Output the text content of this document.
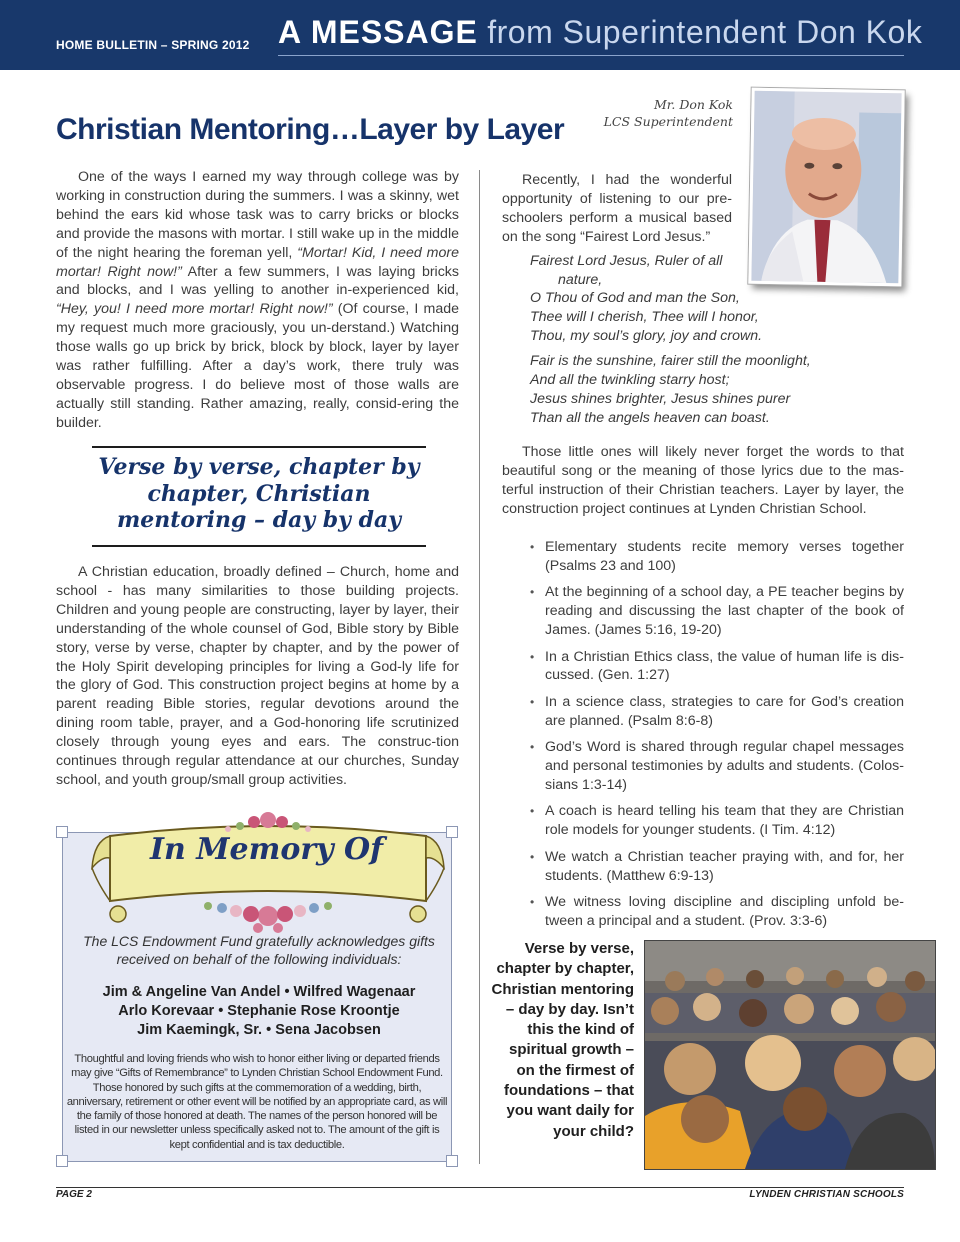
HOME BULLETIN – SPRING 2012 A MESSAGE from Superintendent Don Kok
Christian Mentoring…Layer by Layer

One of the ways I earned my way through college was by working in construction during the summers. I was a skinny, wet behind the ears kid whose task was to carry bricks or blocks and provide the masons with mortar. I still wake up in the middle of the night hearing the foreman yell, “Mortar! Kid, I need more mortar! Right now!” After a few summers, I was laying bricks and blocks, and I was yelling to another in-experienced kid, “Hey, you! I need more mortar! Right now!” (Of course, I made my request much more graciously, you un-derstand.) Watching those walls go up brick by brick, block by block, layer by layer was rather fulfilling. After a day’s work, there truly was observable progress. I do believe most of those walls are actually still standing. Rather amazing, really, consid-ering the builder.

Verse by verse, chapter by chapter, Christian mentoring – day by day

A Christian education, broadly defined – Church, home and school - has many similarities to those building projects. Children and young people are constructing, layer by layer, their understanding of the whole counsel of God, Bible story by Bible story, verse by verse, chapter by chapter, and by the power of the Holy Spirit developing principles for living a God-ly life for the glory of God. This construction project begins at home by a parent reading Bible stories, regular devotions around the dining room table, prayer, and a God-honoring life scrutinized closely through young eyes and ears. The construc-tion continues through regular attendance at our churches, Sunday school, and youth group/small group activities.

In Memory Of
The LCS Endowment Fund gratefully acknowledges gifts received on behalf of the following individuals:
Jim & Angeline Van Andel • Wilfred Wagenaar
Arlo Korevaar • Stephanie Rose Kroontje
Jim Kaemingk, Sr. • Sena Jacobsen
Thoughtful and loving friends who wish to honor either living or departed friends may give “Gifts of Remembrance” to Lynden Christian School Endowment Fund. Those honored by such gifts at the commemoration of a wedding, birth, anniversary, retirement or other event will be notified by an appropriate card, as will the family of those honored at death. The names of the person honored will be listed in our newsletter unless specifically asked not to. The amount of the gift is kept confidential and is tax deductible.
Mr. Don Kok
LCS Superintendent

Recently, I had the wonderful opportunity of listening to our pre-schoolers perform a musical based on the song “Fairest Lord Jesus.”

Fairest Lord Jesus, Ruler of all
nature,
O Thou of God and man the Son,
Thee will I cherish, Thee will I honor,
Thou, my soul’s glory, joy and crown.
Fair is the sunshine, fairer still the moonlight,
And all the twinkling starry host;
Jesus shines brighter, Jesus shines purer
Than all the angels heaven can boast.

Those little ones will likely never forget the words to that beautiful song or the meaning of those lyrics due to the mas-terful instruction of their Christian teachers. Layer by layer, the construction project continues at Lynden Christian School.

• Elementary students recite memory verses together (Psalms 23 and 100)
• At the beginning of a school day, a PE teacher begins by reading and discussing the last chapter of the book of James. (James 5:16, 19-20)
• In a Christian Ethics class, the value of human life is dis-cussed. (Gen. 1:27)
• In a science class, strategies to care for God’s creation are planned. (Psalm 8:6-8)
• God’s Word is shared through regular chapel messages and personal testimonies by adults and students. (Colos-sians 1:3-14)
• A coach is heard telling his team that they are Christian role models for younger students. (I Tim. 4:12)
• We watch a Christian teacher praying with, and for, her students. (Matthew 6:9-13)
• We witness loving discipline and discipling unfold be-tween a principal and a student. (Prov. 3:3-6)
Verse by verse, chapter by chapter, Christian mentoring – day by day. Isn’t this the kind of spiritual growth – on the firmest of foundations – that you want daily for your child?
PAGE 2	LYNDEN CHRISTIAN SCHOOLS
